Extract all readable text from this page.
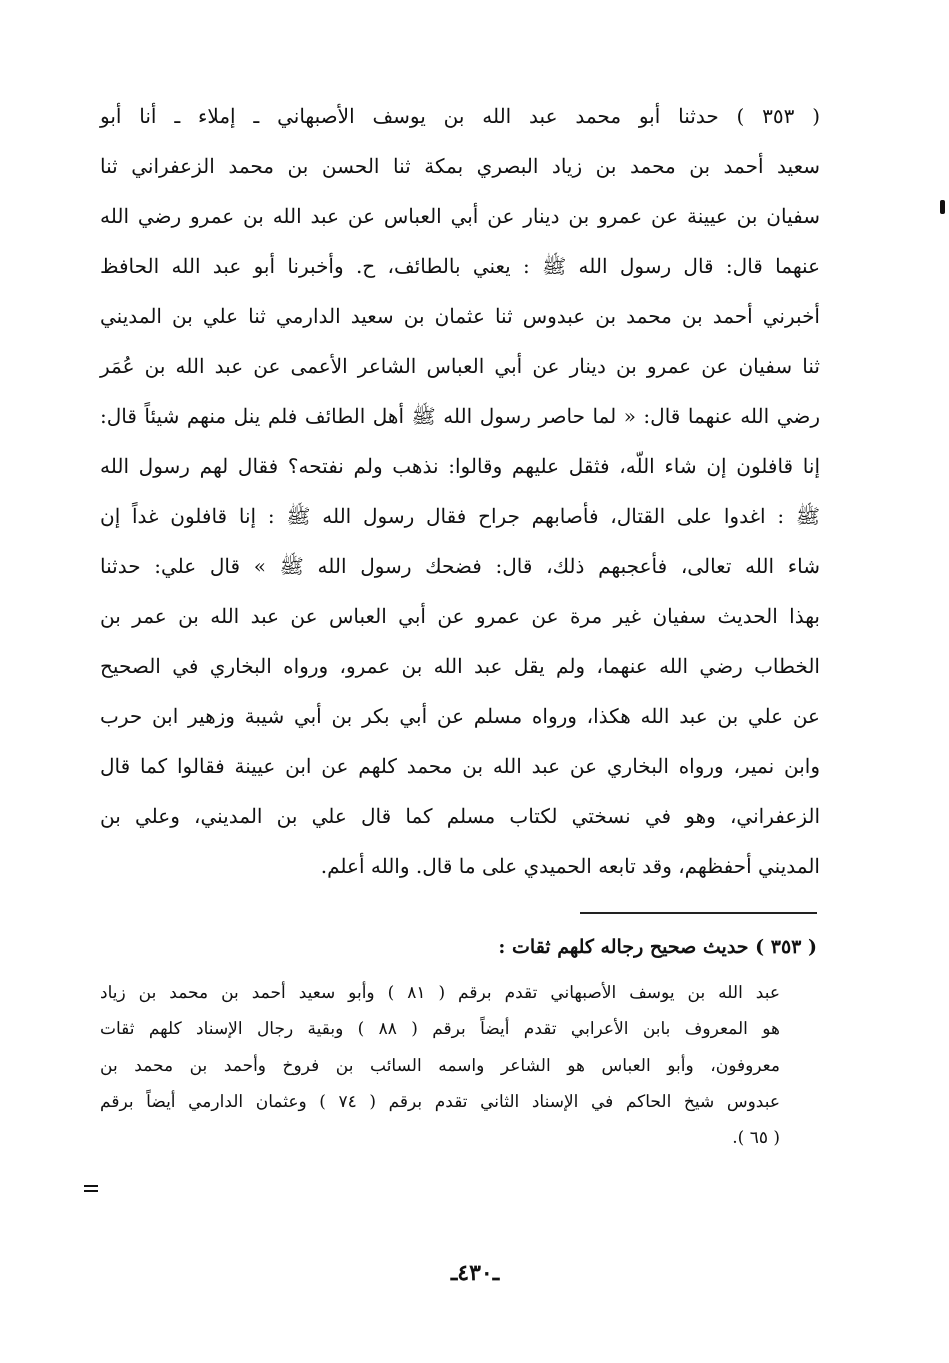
( ٣٥٣ ) حدثنا أبو محمد عبد الله بن يوسف الأصبهاني ـ إملاء ـ أنا أبو
سعيد أحمد بن محمد بن زياد البصري بمكة ثنا الحسن بن محمد الزعفراني ثنا
سفيان بن عيينة عن عمرو بن دينار عن أبي العباس عن عبد الله بن عمرو رضي الله
عنهما قال: قال رسول الله ﷺ : يعني بالطائف، ح. وأخبرنا أبو عبد الله الحافظ
أخبرني أحمد بن محمد بن عبدوس ثنا عثمان بن سعيد الدارمي ثنا علي بن المديني
ثنا سفيان عن عمرو بن دينار عن أبي العباس الشاعر الأعمى عن عبد الله بن عُمَر
رضي الله عنهما قال: « لما حاصر رسول الله ﷺ أهل الطائف فلم ينل منهم شيئاً قال:
إنا قافلون إن شاء اللّه، فثقل عليهم وقالوا: نذهب ولم نفتحه؟ فقال لهم رسول الله
ﷺ : اغدوا على القتال، فأصابهم جراح فقال رسول الله ﷺ : إنا قافلون غداً إن
شاء الله تعالى، فأعجبهم ذلك، قال: فضحك رسول الله ﷺ » قال علي: حدثنا
بهذا الحديث سفيان غير مرة عن عمرو عن أبي العباس عن عبد الله بن عمر بن
الخطاب رضي الله عنهما، ولم يقل عبد الله بن عمرو، ورواه البخاري في الصحيح
عن علي بن عبد الله هكذا، ورواه مسلم عن أبي بكر بن أبي شيبة وزهير ابن حرب
وابن نمير، ورواه البخاري عن عبد الله بن محمد كلهم عن ابن عيينة فقالوا كما قال
الزعفراني، وهو في نسختي لكتاب مسلم كما قال علي بن المديني، وعلي بن
المديني أحفظهم، وقد تابعه الحميدي على ما قال. والله أعلم.
( ٣٥٣ ) حديث صحيح رجاله كلهم ثقات :
عبد الله بن يوسف الأصبهاني تقدم برقم ( ٨١ ) وأبو سعيد أحمد بن محمد بن زياد
هو المعروف بابن الأعرابي تقدم أيضاً برقم ( ٨٨ ) وبقية رجال الإسناد كلهم ثقات
معروفون، وأبو العباس هو الشاعر واسمه السائب بن فروخ وأحمد بن محمد بن
عبدوس شيخ الحاكم في الإسناد الثاني تقدم برقم ( ٧٤ ) وعثمان الدارمي أيضاً برقم
( ٦٥ ).
ـ٤٣٠ـ
